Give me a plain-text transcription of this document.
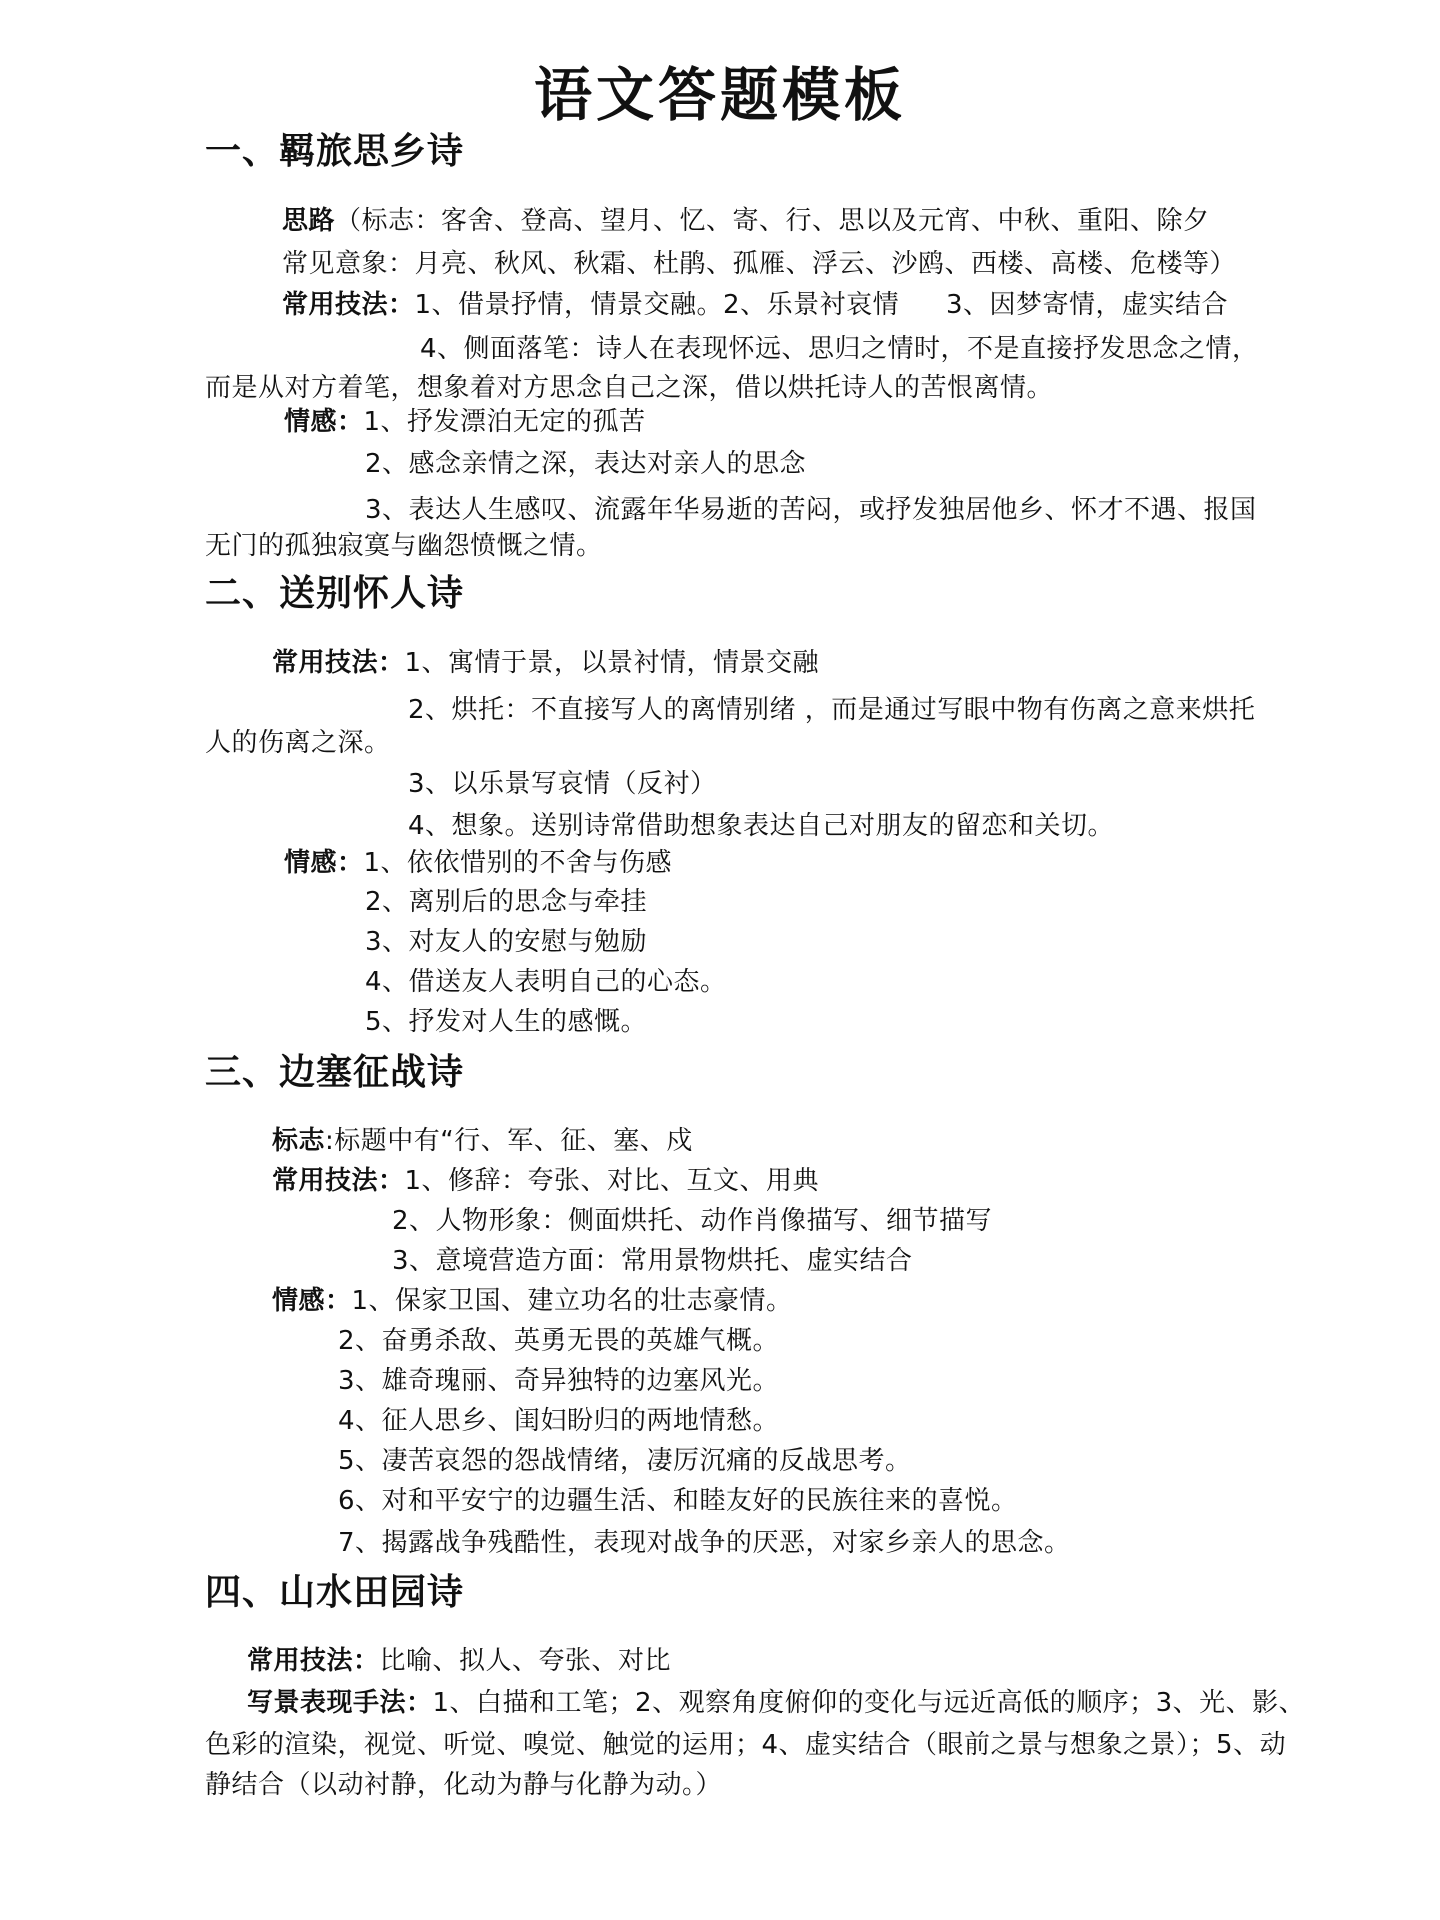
语文答题模板
一、羁旅思乡诗
思路（标志：客舍、登高、望月、忆、寄、行、思以及元宵、中秋、重阳、除夕
常见意象：月亮、秋风、秋霜、杜鹃、孤雁、浮云、沙鸥、西楼、高楼、危楼等）
常用技法：1、借景抒情，情景交融。2、乐景衬哀情 3、因梦寄情，虚实结合
4、侧面落笔：诗人在表现怀远、思归之情时，不是直接抒发思念之情，
而是从对方着笔，想象着对方思念自己之深，借以烘托诗人的苦恨离情。
情感：1、抒发漂泊无定的孤苦
2、感念亲情之深，表达对亲人的思念
3、表达人生感叹、流露年华易逝的苦闷，或抒发独居他乡、怀才不遇、报国
无门的孤独寂寞与幽怨愤慨之情。
二、送别怀人诗
常用技法：1、寓情于景，以景衬情，情景交融
2、烘托：不直接写人的离情别绪 ，而是通过写眼中物有伤离之意来烘托
人的伤离之深。
3、以乐景写哀情（反衬）
4、想象。送别诗常借助想象表达自己对朋友的留恋和关切。
情感：1、依依惜别的不舍与伤感
2、离别后的思念与牵挂
3、对友人的安慰与勉励
4、借送友人表明自己的心态。
5、抒发对人生的感慨。
三、边塞征战诗
标志:标题中有“行、军、征、塞、戍
常用技法：1、修辞：夸张、对比、互文、用典
2、人物形象：侧面烘托、动作肖像描写、细节描写
3、意境营造方面：常用景物烘托、虚实结合
情感：1、保家卫国、建立功名的壮志豪情。
2、奋勇杀敌、英勇无畏的英雄气概。
3、雄奇瑰丽、奇异独特的边塞风光。
4、征人思乡、闺妇盼归的两地情愁。
5、凄苦哀怨的怨战情绪，凄厉沉痛的反战思考。
6、对和平安宁的边疆生活、和睦友好的民族往来的喜悦。
7、揭露战争残酷性，表现对战争的厌恶，对家乡亲人的思念。
四、山水田园诗
常用技法：比喻、拟人、夸张、对比
写景表现手法：1、白描和工笔；2、观察角度俯仰的变化与远近高低的顺序；3、光、影、
色彩的渲染，视觉、听觉、嗅觉、触觉的运用；4、虚实结合（眼前之景与想象之景）；5、动
静结合（以动衬静，化动为静与化静为动。）
